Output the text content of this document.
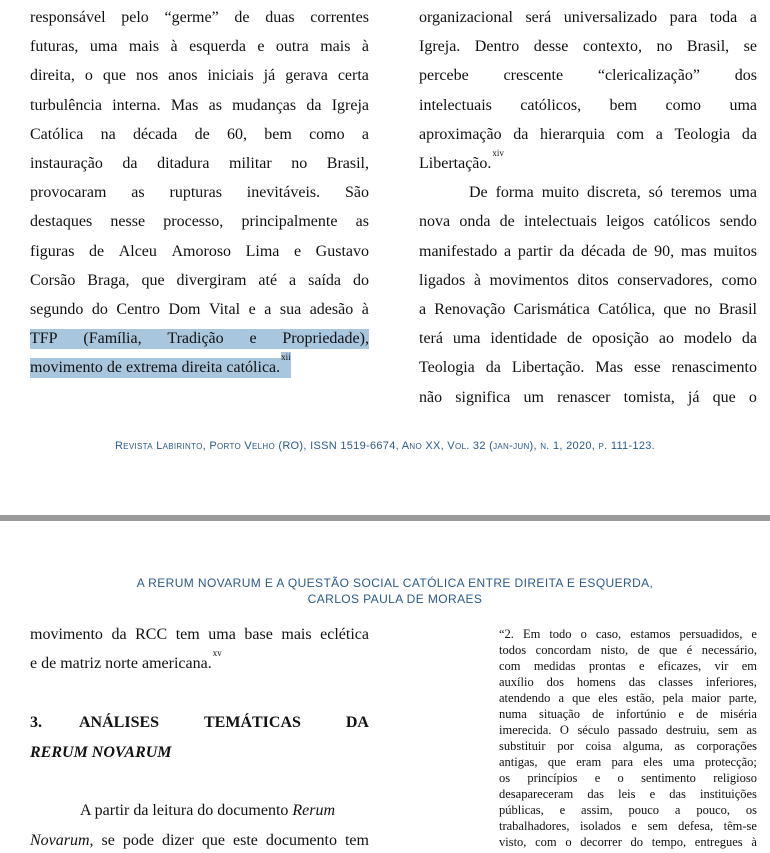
responsável pelo “germe” de duas correntes
futuras, uma mais à esquerda e outra mais à
direita, o que nos anos iniciais já gerava certa
turbulência interna. Mas as mudanças da Igreja
Católica na década de 60, bem como a
instauração da ditadura militar no Brasil,
provocaram as rupturas inevitáveis. São
destaques nesse processo, principalmente as
figuras de Alceu Amoroso Lima e Gustavo
Corsão Braga, que divergiram até a saída do
segundo do Centro Dom Vital e a sua adesão à
TFP (Família, Tradição e Propriedade),
movimento de extrema direita católica.$^{xii}$
organizacional será universalizado para toda a
Igreja. Dentro desse contexto, no Brasil, se
percebe crescente “clericalização” dos
intelectuais católicos, bem como uma
aproximação da hierarquia com a Teologia da
Libertação.$^{xiv}$
De forma muito discreta, só teremos uma
nova onda de intelectuais leigos católicos sendo
manifestado a partir da década de 90, mas muitos
ligados à movimentos ditos conservadores, como
a Renovação Carismática Católica, que no Brasil
terá uma identidade de oposição ao modelo da
Teologia da Libertação. Mas esse renascimento
não significa um renascer tomista, já que o
Revista Labirinto, Porto Velho (RO), ISSN 1519-6674, Ano XX, Vol. 32 (jan-jun), n. 1, 2020, p. 111-123.
A RERUM NOVARUM E A QUESTÃO SOCIAL CATÓLICA ENTRE DIREITA E ESQUERDA,
CARLOS PAULA DE MORAES
movimento da RCC tem uma base mais eclética
e de matriz norte americana.$^{xv}$
3. ANÁLISES	TEMÁTICAS	DA
RERUM NOVARUM
A partir da leitura do documento Rerum
Novarum, se pode dizer que este documento tem
“2. Em todo o caso, estamos persuadidos, e
todos concordam nisto, de que é necessário,
com medidas prontas e eficazes, vir em
auxílio dos homens das classes inferiores,
atendendo a que eles estão, pela maior parte,
numa situação de infortúnio e de miséria
imerecida. O século passado destruiu, sem as
substituir por coisa alguma, as corporações
antigas, que eram para eles uma protecção;
os princípios e o sentimento religioso
desapareceram das leis e das instituições
públicas, e assim, pouco a pouco, os
trabalhadores, isolados e sem defesa, têm-se
visto, com o decorrer do tempo, entregues à
